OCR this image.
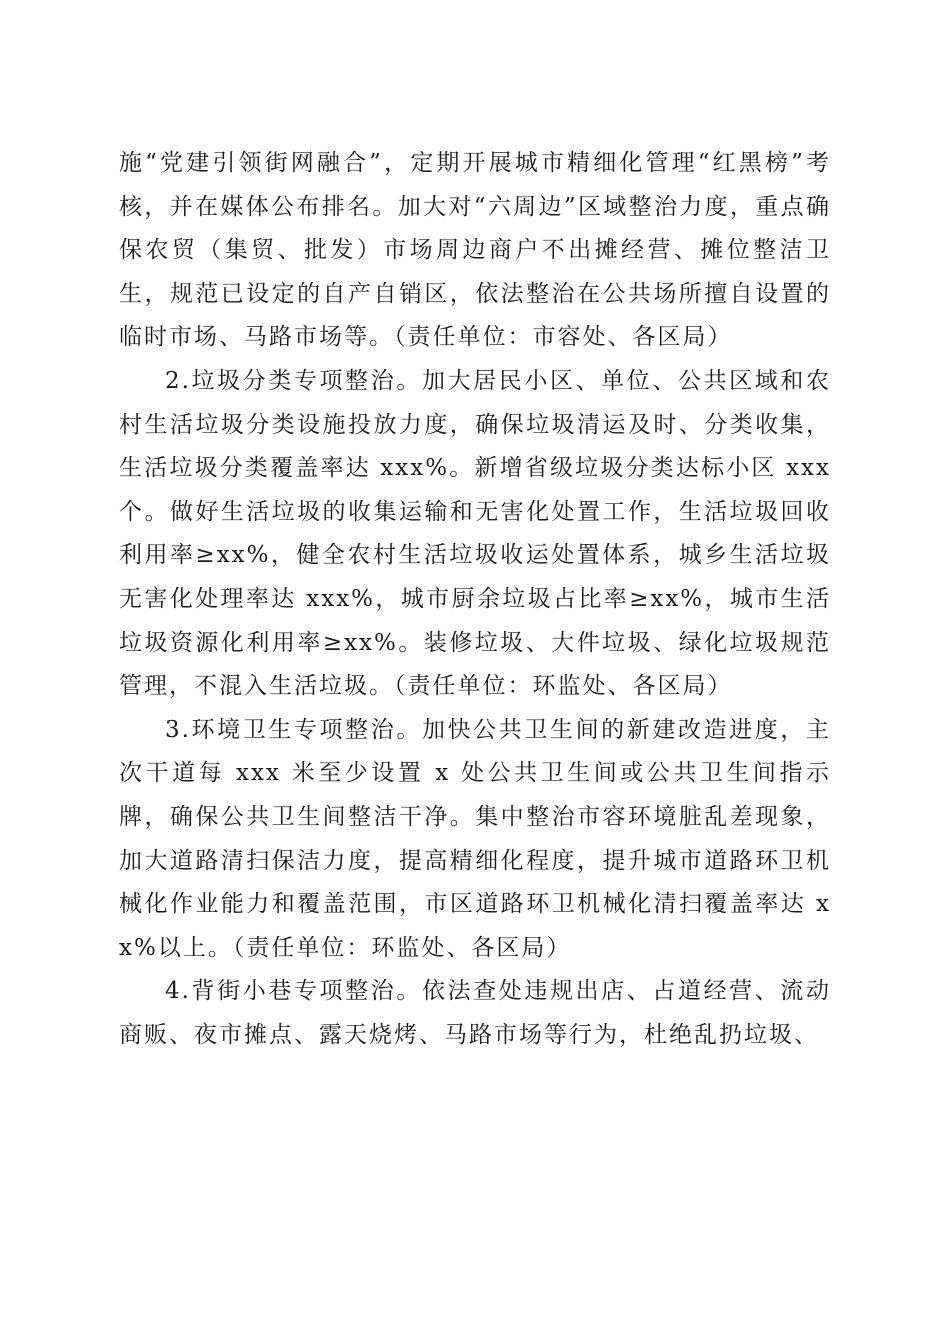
施“党建引领街网融合”，定期开展城市精细化管理“红黑榜”考核，并在媒体公布排名。加大对“六周边”区域整治力度，重点确保农贸（集贸、批发）市场周边商户不出摊经营、摊位整洁卫生，规范已设定的自产自销区，依法整治在公共场所擅自设置的临时市场、马路市场等。（责任单位：市容处、各区局）

2.垃圾分类专项整治。加大居民小区、单位、公共区域和农村生活垃圾分类设施投放力度，确保垃圾清运及时、分类收集，生活垃圾分类覆盖率达 xxx%。新增省级垃圾分类达标小区 xxx 个。做好生活垃圾的收集运输和无害化处置工作，生活垃圾回收利用率≥xx%，健全农村生活垃圾收运处置体系，城乡生活垃圾无害化处理率达 xxx%，城市厨余垃圾占比率≥xx%，城市生活垃圾资源化利用率≥xx%。装修垃圾、大件垃圾、绿化垃圾规范管理，不混入生活垃圾。（责任单位：环监处、各区局）

3.环境卫生专项整治。加快公共卫生间的新建改造进度，主次干道每 xxx 米至少设置 x 处公共卫生间或公共卫生间指示牌，确保公共卫生间整洁干净。集中整治市容环境脏乱差现象，加大道路清扫保洁力度，提高精细化程度，提升城市道路环卫机械化作业能力和覆盖范围，市区道路环卫机械化清扫覆盖率达 xx%以上。（责任单位：环监处、各区局）

4.背街小巷专项整治。依法查处违规出店、占道经营、流动商贩、夜市摊点、露天烧烤、马路市场等行为，杜绝乱扔垃圾、
